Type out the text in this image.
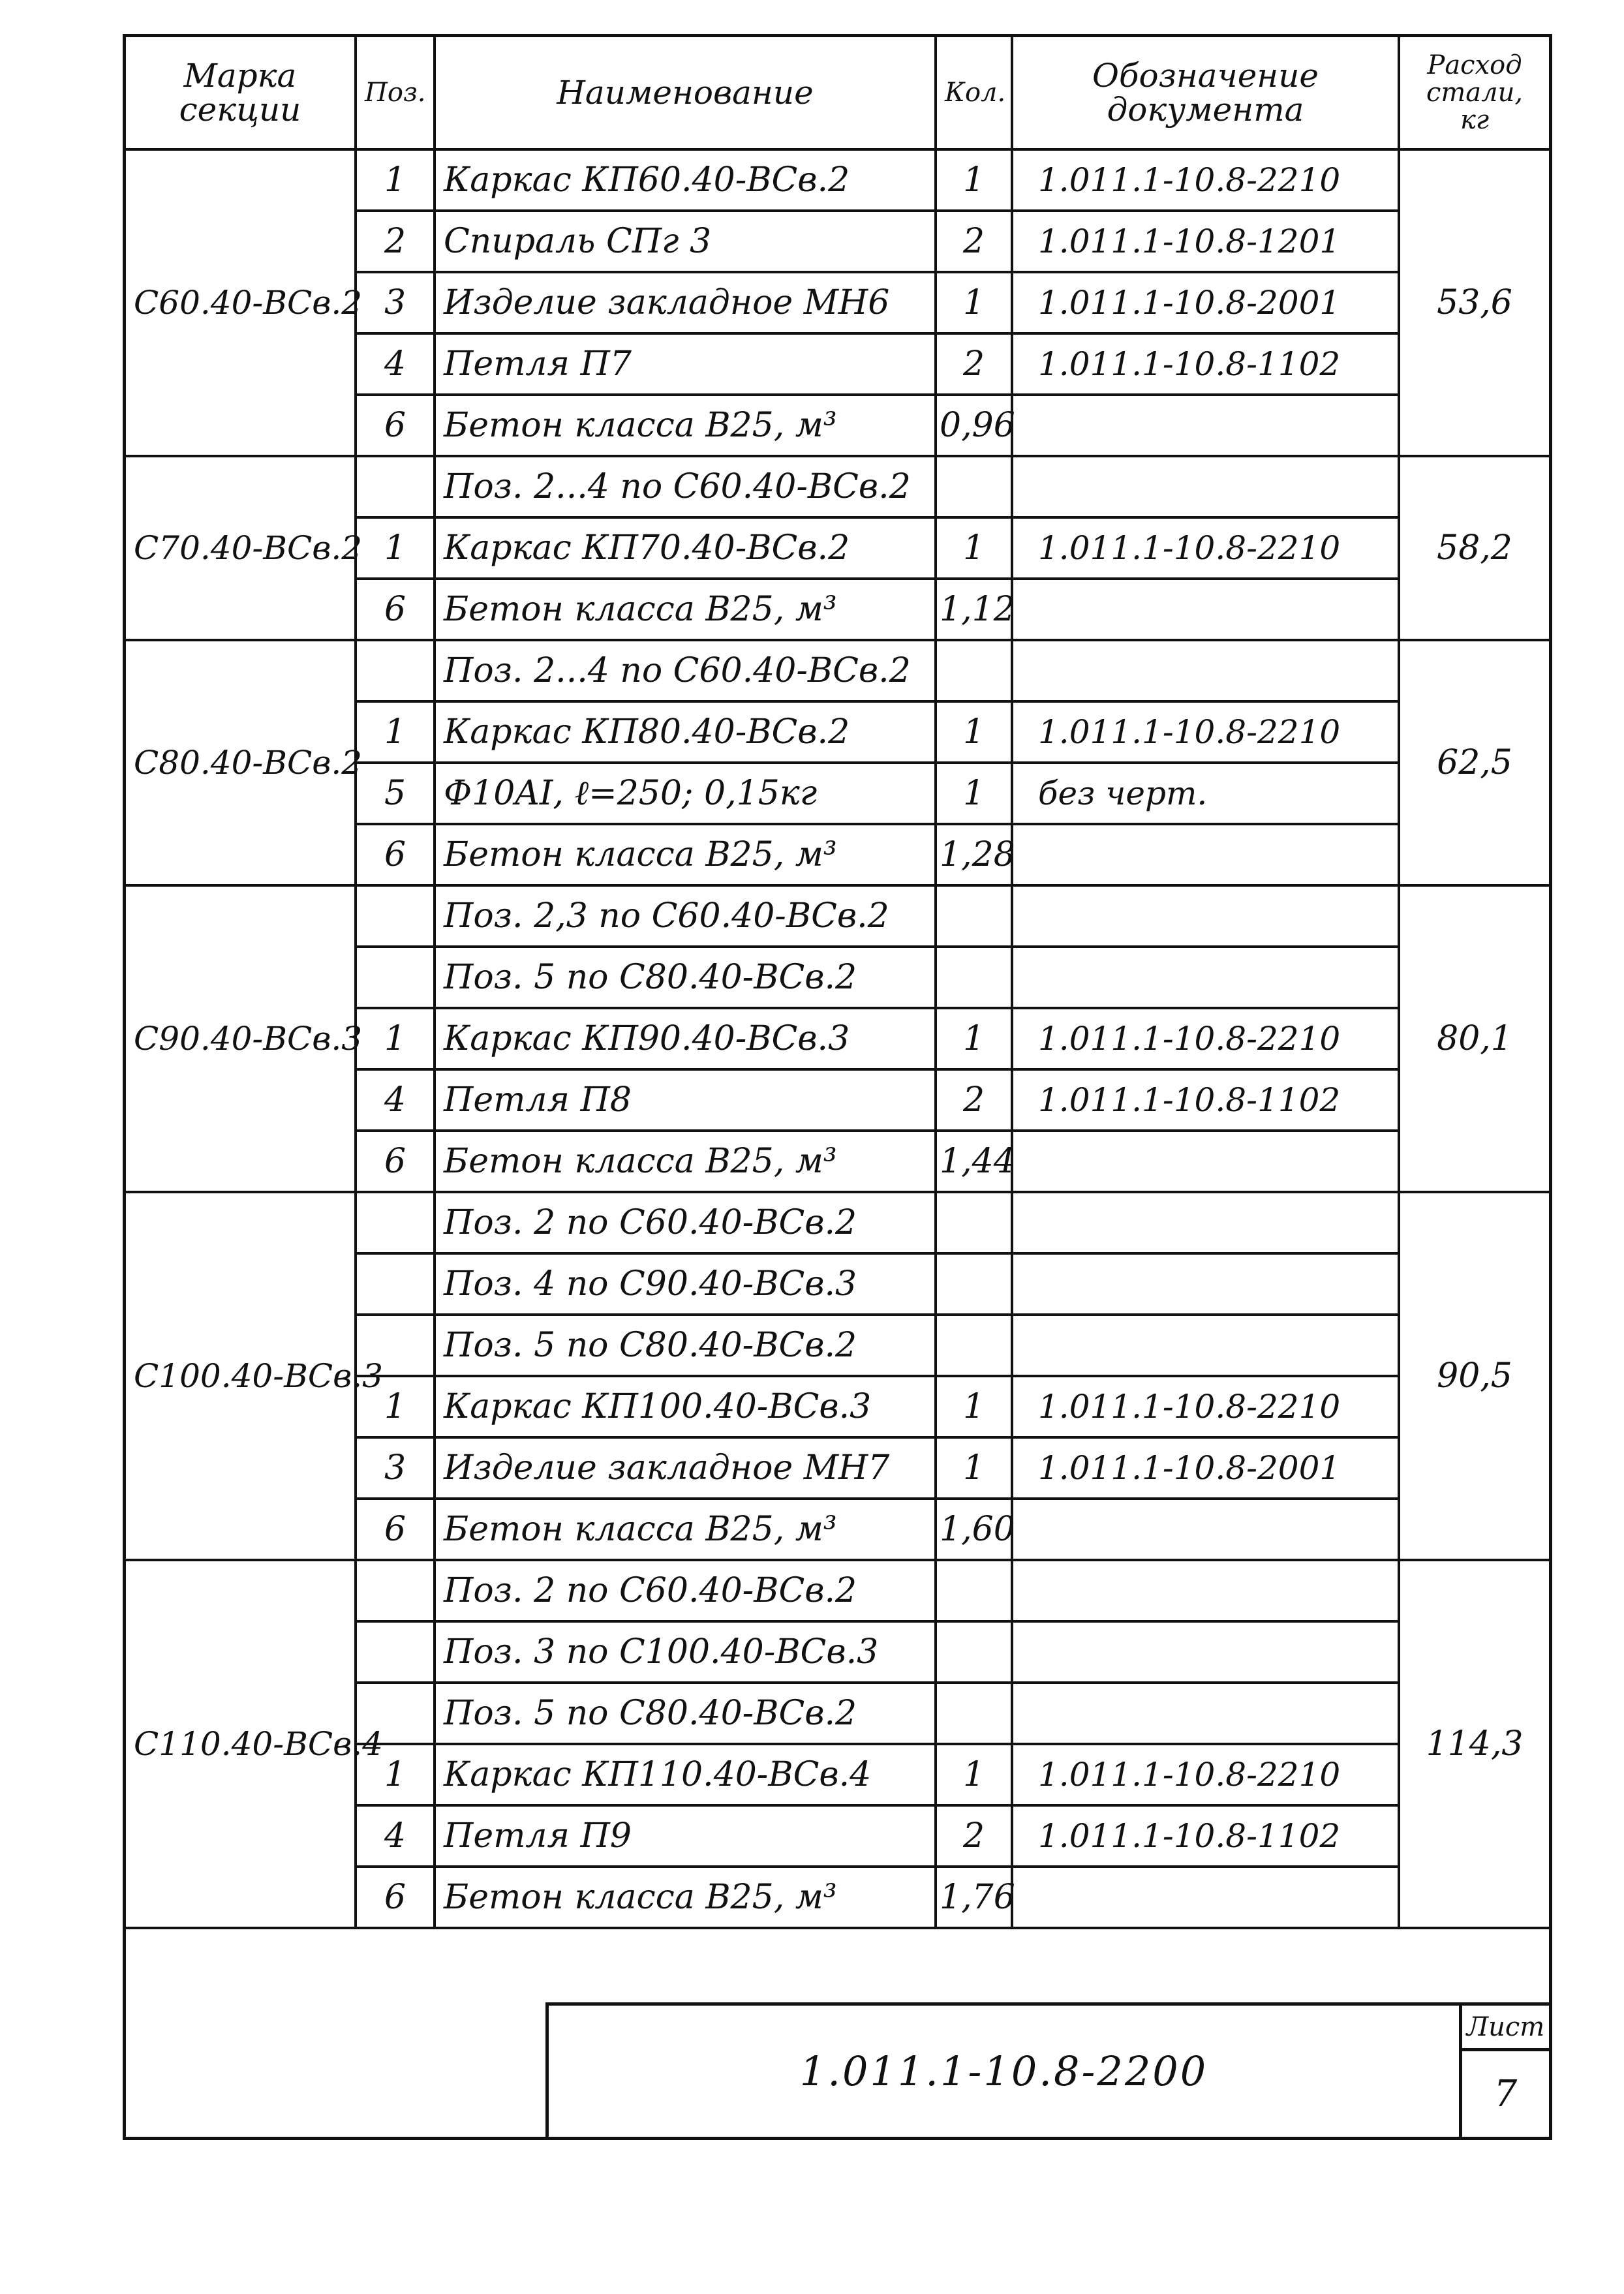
Марка секции	Поз.	Наименование	Кол.	Обозначение документа	Расход стали, кг
С60.40-ВСв.2	1	Каркас КП60.40-ВСв.2	1	1.011.1-10.8-2210	53,6
	2	Спираль СПг 3	2	1.011.1-10.8-1201	
	3	Изделие закладное МН6	1	1.011.1-10.8-2001	
	4	Петля П7	2	1.011.1-10.8-1102	
	6	Бетон класса В25, м³	0,96		
С70.40-ВСв.2		Поз. 2...4 по С60.40-ВСв.2			58,2
	1	Каркас КП70.40-ВСв.2	1	1.011.1-10.8-2210	
	6	Бетон класса В25, м³	1,12		
С80.40-ВСв.2		Поз. 2...4 по С60.40-ВСв.2			62,5
	1	Каркас КП80.40-ВСв.2	1	1.011.1-10.8-2210	
	5	Ф10AI, ℓ=250; 0,15кг	1	без черт.	
	6	Бетон класса В25, м³	1,28		
С90.40-ВСв.3		Поз. 2,3 по С60.40-ВСв.2			80,1
		Поз. 5 по С80.40-ВСв.2			
	1	Каркас КП90.40-ВСв.3	1	1.011.1-10.8-2210	
	4	Петля П8	2	1.011.1-10.8-1102	
	6	Бетон класса В25, м³	1,44		
С100.40-ВСв.3		Поз. 2 по С60.40-ВСв.2			90,5
		Поз. 4 по С90.40-ВСв.3			
		Поз. 5 по С80.40-ВСв.2			
	1	Каркас КП100.40-ВСв.3	1	1.011.1-10.8-2210	
	3	Изделие закладное МН7	1	1.011.1-10.8-2001	
	6	Бетон класса В25, м³	1,60		
С110.40-ВСв.4		Поз. 2 по С60.40-ВСв.2			114,3
		Поз. 3 по С100.40-ВСв.3			
		Поз. 5 по С80.40-ВСв.2			
	1	Каркас КП110.40-ВСв.4	1	1.011.1-10.8-2210	
	4	Петля П9	2	1.011.1-10.8-1102	
	6	Бетон класса В25, м³	1,76		
1.011.1-10.8-2200
Лист
7
